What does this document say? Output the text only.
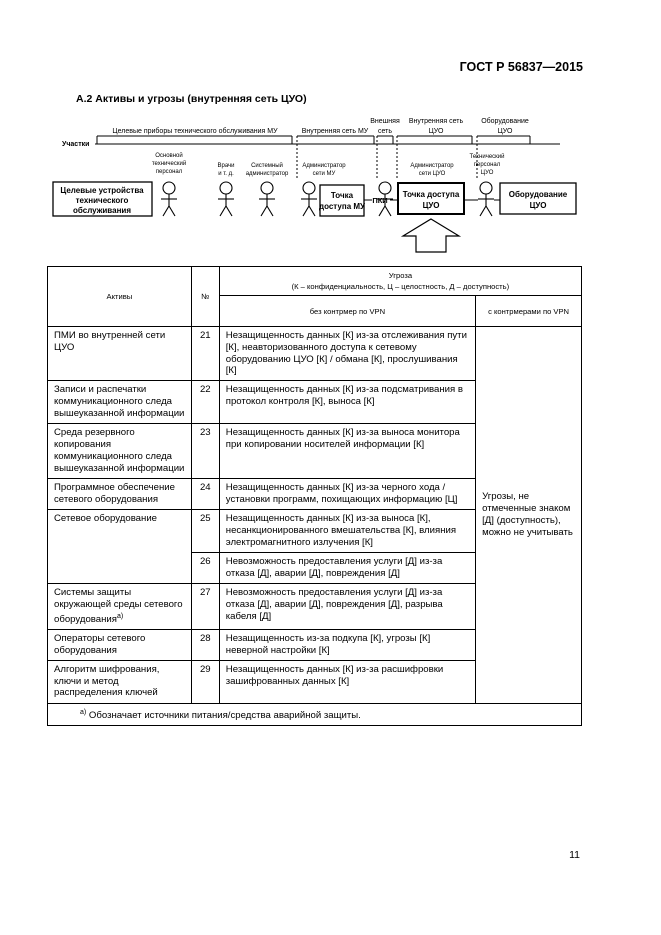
ГОСТ Р 56837—2015
А.2 Активы и угрозы (внутренняя сеть ЦУО)
Целевые приборы технического обслуживания МУ	Внутренняя сеть МУ
Внешняя
сеть
Внутренняя сеть
ЦУО
Оборудование
ЦУО
Участки
Основной
технический
персонал
Врачи
и т. д.
Системный
администратор
Администратор
сети МУ
Администратор
сети ЦУО
Технический
персонал
ЦУО
Целевые устройства
технического
обслуживания
Точка
доступа МУ
ПКИ
Точка доступа
ЦУО
Оборудование
ЦУО
Активы	№	Угроза
(К – конфиденциальность, Ц – целостность, Д – доступность)	

		без контрмер по VPN	с контрмерами по VPN
ПМИ во внутренней сети ЦУО	21	Незащищенность данных [К] из-за отслеживания пути [К], неавторизованного доступа к сетевому оборудованию ЦУО [К] / обмана [К], прослушивания [К]	Угрозы, не отмеченные знаком [Д] (доступность), можно не учитывать
Записи и распечатки коммуникационного следа вышеуказанной информации	22	Незащищенность данных [К] из-за подсматривания в протокол контроля [К], выноса [К]	
Среда резервного копирования коммуникационного следа вышеуказанной информации	23	Незащищенность данных [К] из-за выноса монитора при копировании носителей информации [К]	
Программное обеспечение сетевого оборудования	24	Незащищенность данных [К] из-за черного хода / установки программ, похищающих информацию [Ц]	
Сетевое оборудование	25	Незащищенность данных [К] из-за выноса [К], несанкционированного вмешательства [К], влияния электромагнитного излучения [К]	
	26	Невозможность предоставления услуги [Д] из-за отказа [Д], аварии [Д], повреждения [Д]	
Системы защиты окружающей среды сетевого оборудования$^{а)}$	27	Невозможность предоставления услуги [Д] из-за отказа [Д], аварии [Д], повреждения [Д], разрыва кабеля [Д]	
Операторы сетевого оборудования	28	Незащищенность из-за подкупа [К], угрозы [К] неверной настройки [К]	
Алгоритм шифрования, ключи и метод распределения ключей	29	Незащищенность данных [К] из-за расшифровки зашифрованных данных [К]	
$^{а)}$ Обозначает источники питания/средства аварийной защиты.			
11
